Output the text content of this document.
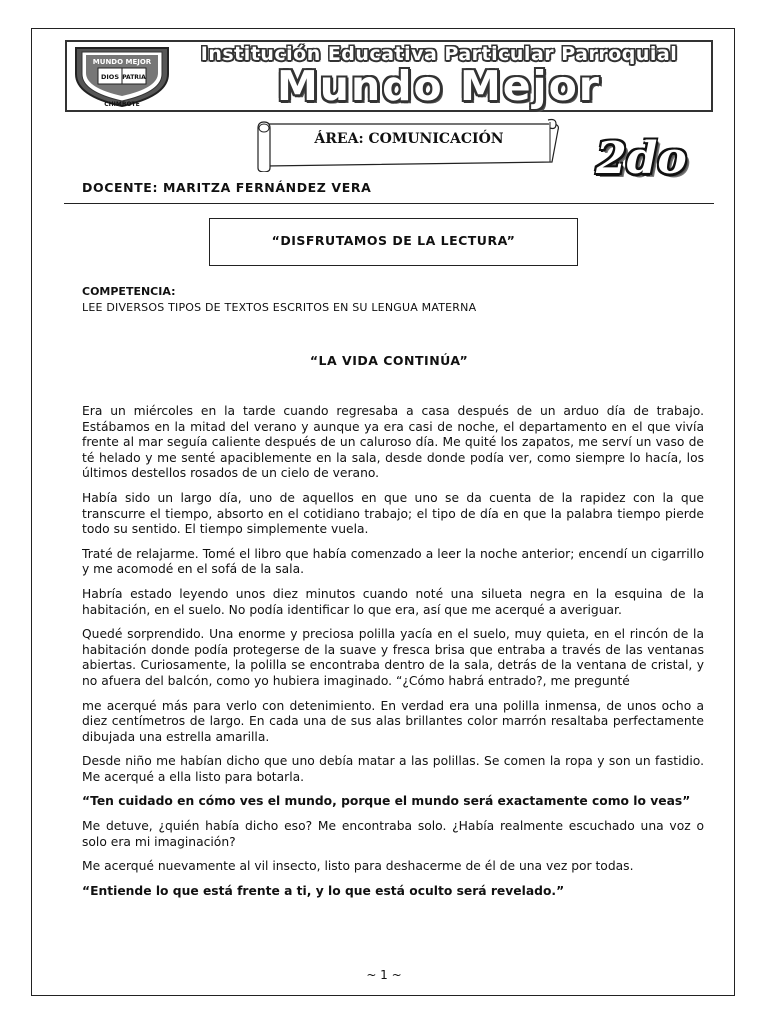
MUNDO MEJOR
DIOS PATRIA
CHIMBOTE
Institución Educativa Particular Parroquial
Mundo Mejor
ÁREA: COMUNICACIÓN	2do
DOCENTE: MARITZA FERNÁNDEZ VERA
“DISFRUTAMOS DE LA LECTURA”
COMPETENCIA:
LEE DIVERSOS TIPOS DE TEXTOS ESCRITOS EN SU LENGUA MATERNA
“LA VIDA CONTINÚA”

Era un miércoles en la tarde cuando regresaba a casa después de un arduo día de trabajo. Estábamos en la mitad del verano y aunque ya era casi de noche, el departamento en el que vivía frente al mar seguía caliente después de un caluroso día. Me quité los zapatos, me serví un vaso de té helado y me senté apaciblemente en la sala, desde donde podía ver, como siempre lo hacía, los últimos destellos rosados de un cielo de verano.

Había sido un largo día, uno de aquellos en que uno se da cuenta de la rapidez con la que transcurre el tiempo, absorto en el cotidiano trabajo; el tipo de día en que la palabra tiempo pierde todo su sentido. El tiempo simplemente vuela.

Traté de relajarme. Tomé el libro que había comenzado a leer la noche anterior; encendí un cigarrillo y me acomodé en el sofá de la sala.

Habría estado leyendo unos diez minutos cuando noté una silueta negra en la esquina de la habitación, en el suelo. No podía identificar lo que era, así que me acerqué a averiguar.

Quedé sorprendido. Una enorme y preciosa polilla yacía en el suelo, muy quieta, en el rincón de la habitación donde podía protegerse de la suave y fresca brisa que entraba a través de las ventanas abiertas. Curiosamente, la polilla se encontraba dentro de la sala, detrás de la ventana de cristal, y no afuera del balcón, como yo hubiera imaginado. “¿Cómo habrá entrado?, me pregunté

me acerqué más para verlo con detenimiento. En verdad era una polilla inmensa, de unos ocho a diez centímetros de largo. En cada una de sus alas brillantes color marrón resaltaba perfectamente dibujada una estrella amarilla.

Desde niño me habían dicho que uno debía matar a las polillas. Se comen la ropa y son un fastidio. Me acerqué a ella listo para botarla.

“Ten cuidado en cómo ves el mundo, porque el mundo será exactamente como lo veas”

Me detuve, ¿quién había dicho eso? Me encontraba solo. ¿Había realmente escuchado una voz o solo era mi imaginación?

Me acerqué nuevamente al vil insecto, listo para deshacerme de él de una vez por todas.

“Entiende lo que está frente a ti, y lo que está oculto será revelado.”

~ 1 ~
